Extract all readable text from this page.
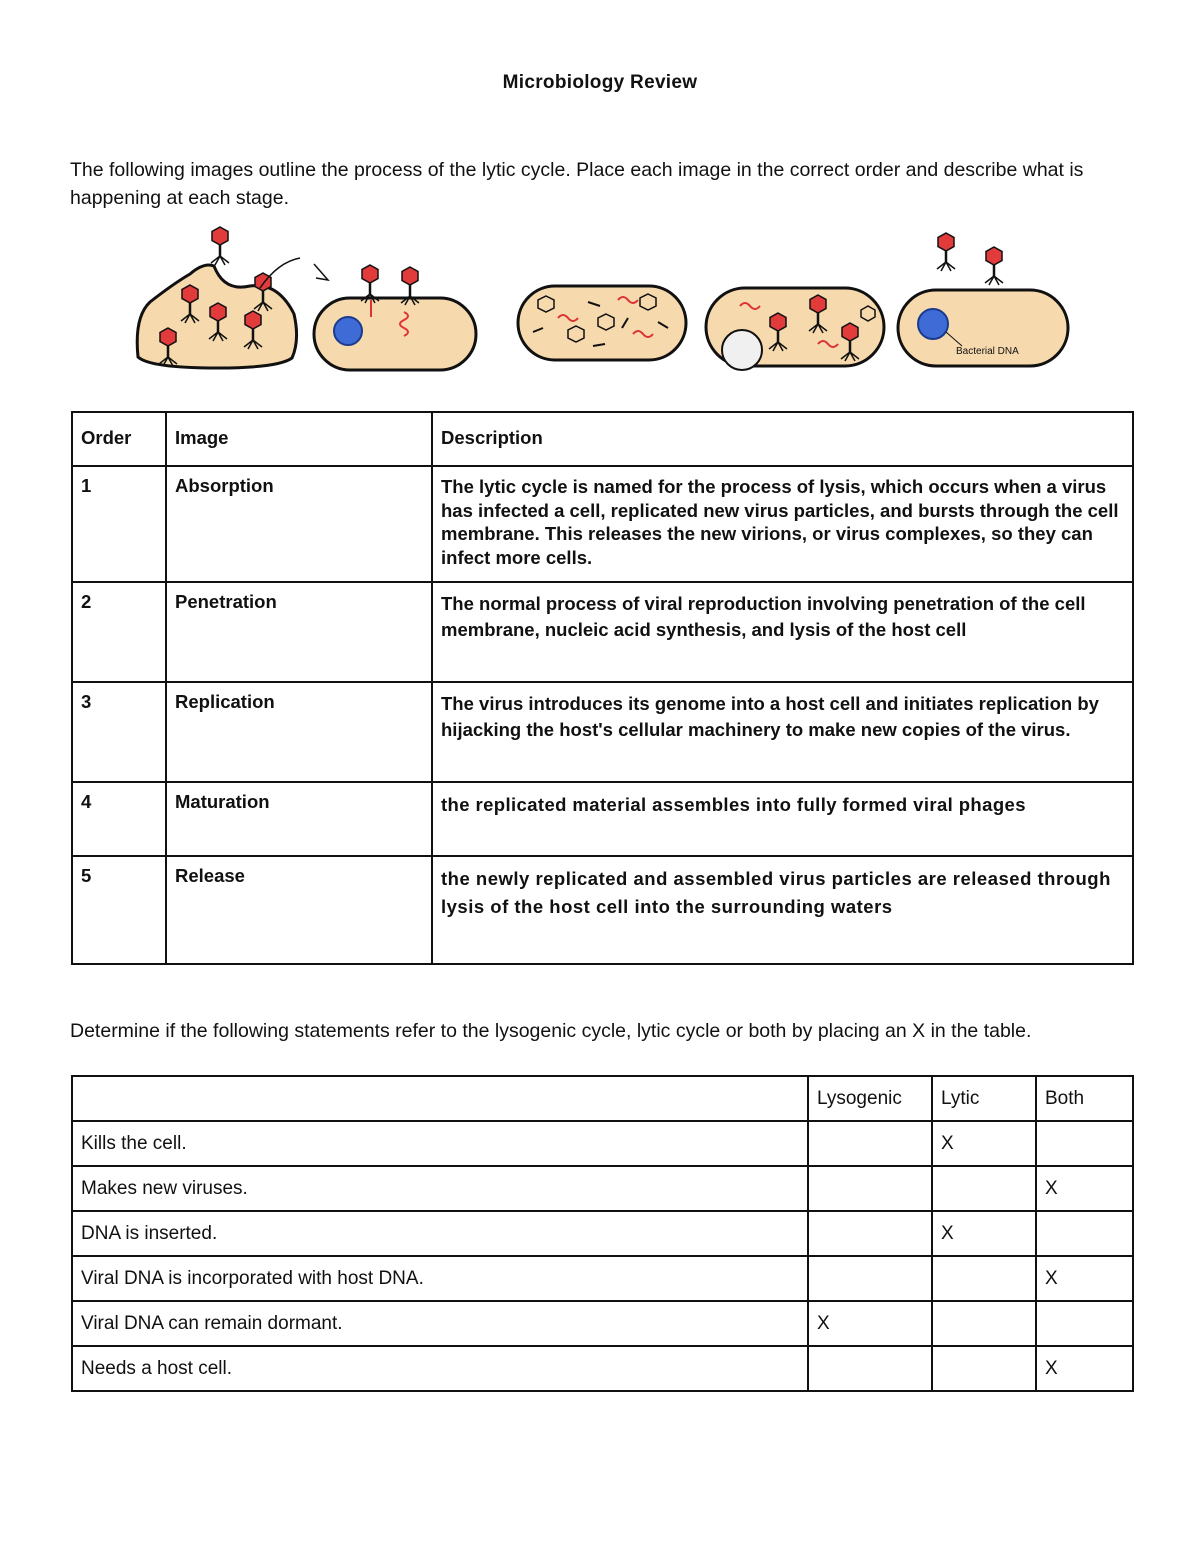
Microbiology Review
The following images outline the process of the lytic cycle. Place each image in the correct order and describe what is happening at each stage.
Bacterial DNA
Order	Image	Description
1	Absorption	The lytic cycle is named for the process of lysis, which occurs when a virus has infected a cell, replicated new virus particles, and bursts through the cell membrane. This releases the new virions, or virus complexes, so they can infect more cells.
2	Penetration	The normal process of viral reproduction involving penetration of the cell membrane, nucleic acid synthesis, and lysis of the host cell
3	Replication	The virus introduces its genome into a host cell and initiates replication by hijacking the host's cellular machinery to make new copies of the virus.
4	Maturation	the replicated material assembles into fully formed viral phages
5	Release	the newly replicated and assembled virus particles are released through lysis of the host cell into the surrounding waters
Determine if the following statements refer to the lysogenic cycle, lytic cycle or both by placing an X in the table.
	Lysogenic	Lytic	Both
Kills the cell.		X	
Makes new viruses.			X
DNA is inserted.		X	
Viral DNA is incorporated with host DNA.			X
Viral DNA can remain dormant.	X		
Needs a host cell.			X
